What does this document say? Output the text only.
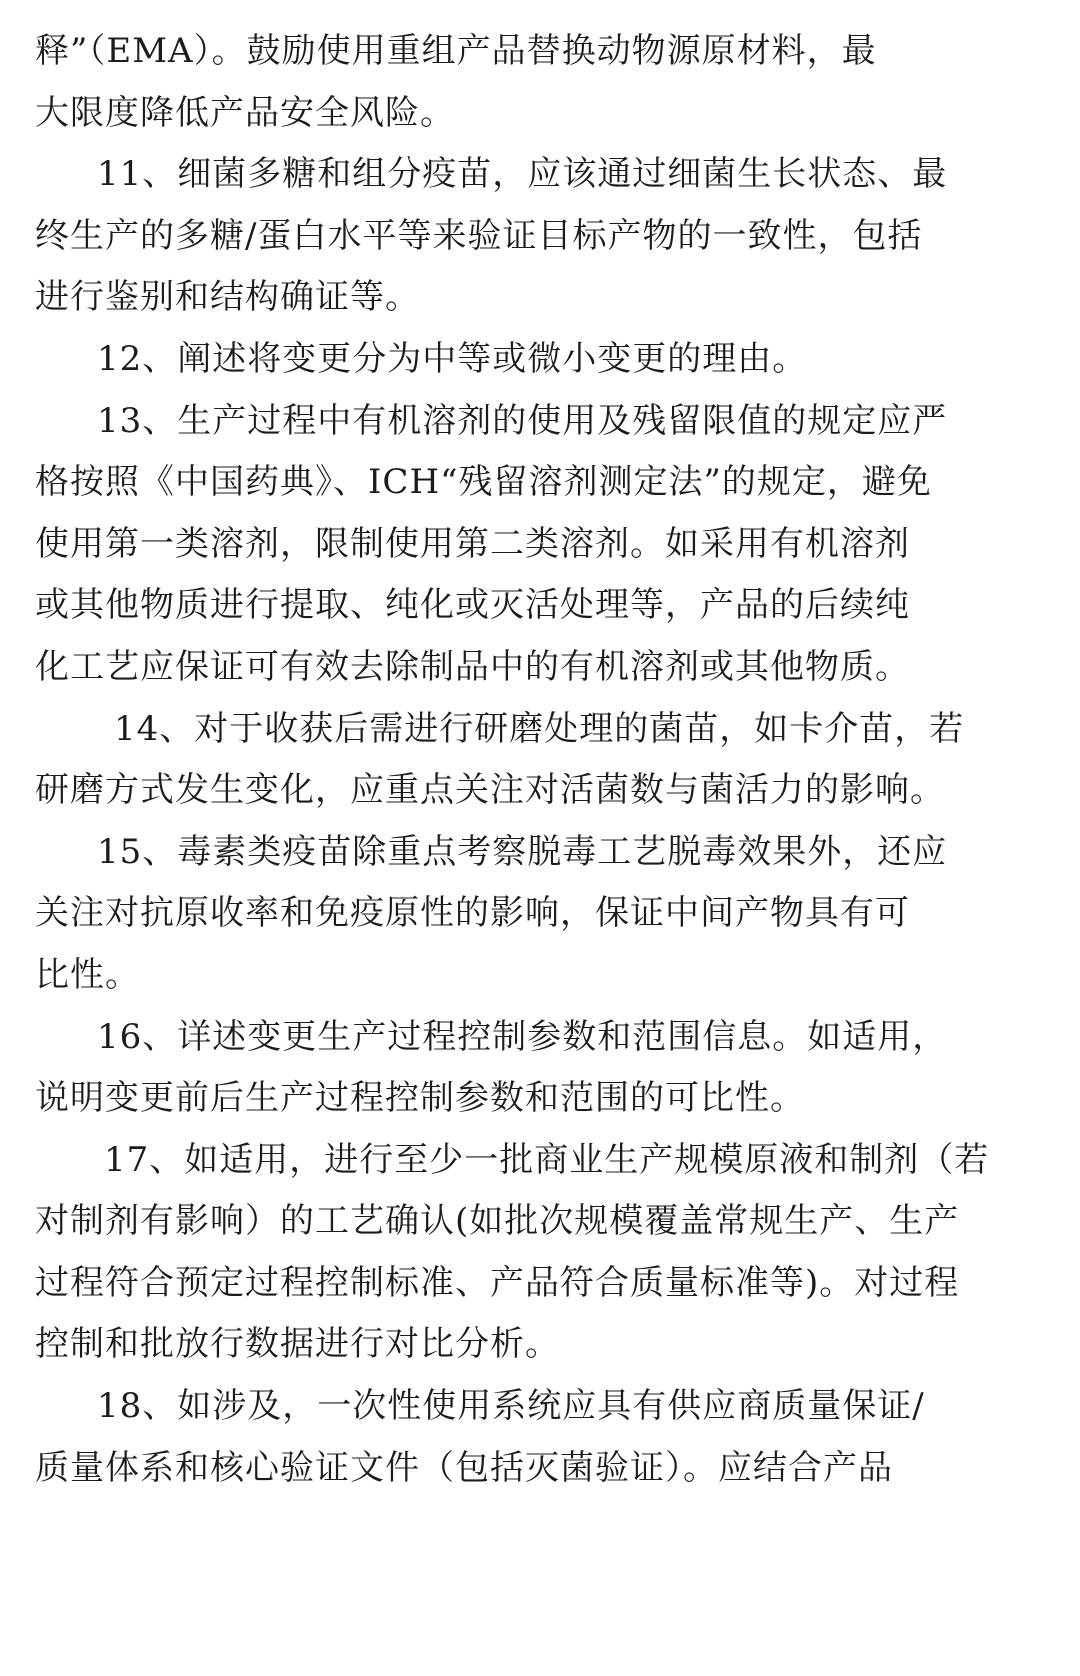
释”（EMA）。鼓励使用重组产品替换动物源原材料，最
大限度降低产品安全风险。
11、细菌多糖和组分疫苗，应该通过细菌生长状态、最
终生产的多糖/蛋白水平等来验证目标产物的一致性，包括
进行鉴别和结构确证等。
12、阐述将变更分为中等或微小变更的理由。
13、生产过程中有机溶剂的使用及残留限值的规定应严
格按照《中国药典》、ICH“残留溶剂测定法”的规定，避免
使用第一类溶剂，限制使用第二类溶剂。如采用有机溶剂
或其他物质进行提取、纯化或灭活处理等，产品的后续纯
化工艺应保证可有效去除制品中的有机溶剂或其他物质。
14、对于收获后需进行研磨处理的菌苗，如卡介苗，若
研磨方式发生变化，应重点关注对活菌数与菌活力的影响。
15、毒素类疫苗除重点考察脱毒工艺脱毒效果外，还应
关注对抗原收率和免疫原性的影响，保证中间产物具有可
比性。
16、详述变更生产过程控制参数和范围信息。如适用，
说明变更前后生产过程控制参数和范围的可比性。
17、如适用，进行至少一批商业生产规模原液和制剂（若
对制剂有影响）的工艺确认(如批次规模覆盖常规生产、生产
过程符合预定过程控制标准、产品符合质量标准等)。对过程
控制和批放行数据进行对比分析。
18、如涉及，一次性使用系统应具有供应商质量保证/
质量体系和核心验证文件（包括灭菌验证）。应结合产品
